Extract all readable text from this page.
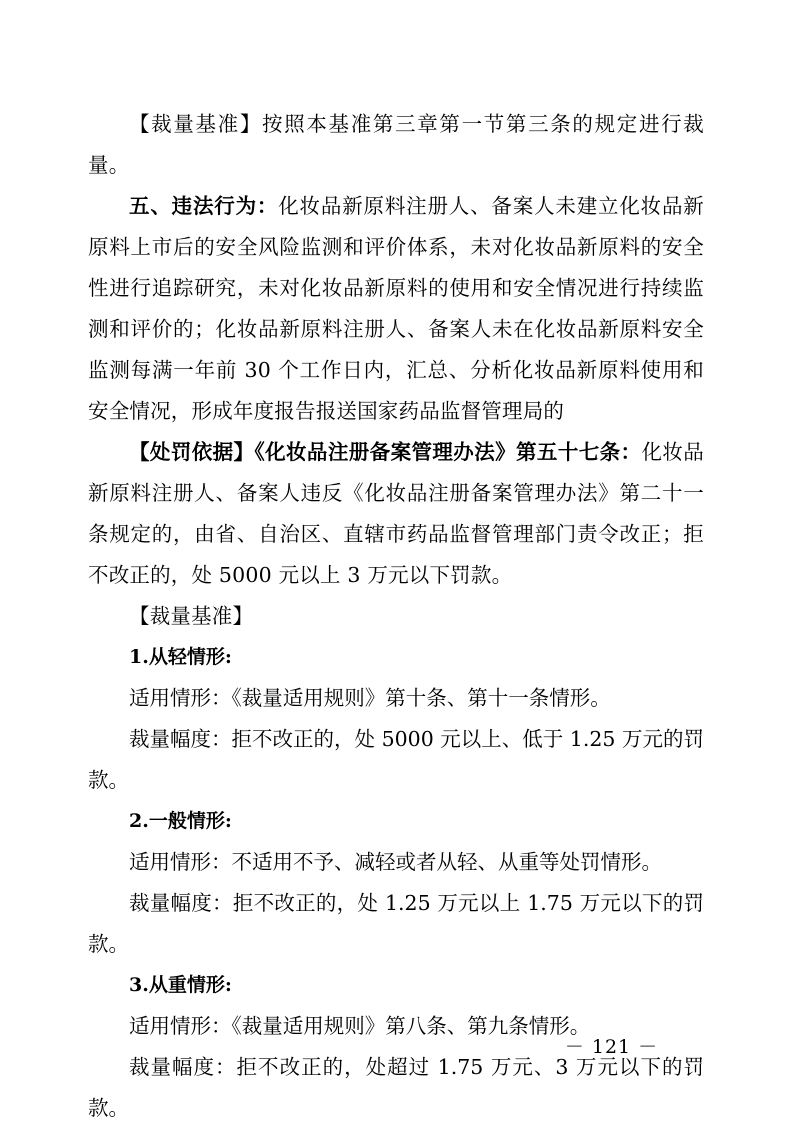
【裁量基准】按照本基准第三章第一节第三条的规定进行裁量。

五、违法行为：化妆品新原料注册人、备案人未建立化妆品新原料上市后的安全风险监测和评价体系，未对化妆品新原料的安全性进行追踪研究，未对化妆品新原料的使用和安全情况进行持续监测和评价的；化妆品新原料注册人、备案人未在化妆品新原料安全监测每满一年前 30 个工作日内，汇总、分析化妆品新原料使用和安全情况，形成年度报告报送国家药品监督管理局的

【处罚依据】《化妆品注册备案管理办法》第五十七条：化妆品新原料注册人、备案人违反《化妆品注册备案管理办法》第二十一条规定的，由省、自治区、直辖市药品监督管理部门责令改正；拒不改正的，处 5000 元以上 3 万元以下罚款。

【裁量基准】

1.从轻情形:

适用情形：《裁量适用规则》第十条、第十一条情形。

裁量幅度：拒不改正的，处 5000 元以上、低于 1.25 万元的罚款。

2.一般情形:

适用情形：不适用不予、减轻或者从轻、从重等处罚情形。

裁量幅度：拒不改正的，处 1.25 万元以上 1.75 万元以下的罚款。

3.从重情形:

适用情形：《裁量适用规则》第八条、第九条情形。

裁量幅度：拒不改正的，处超过 1.75 万元、3 万元以下的罚款。

－ 121 －
